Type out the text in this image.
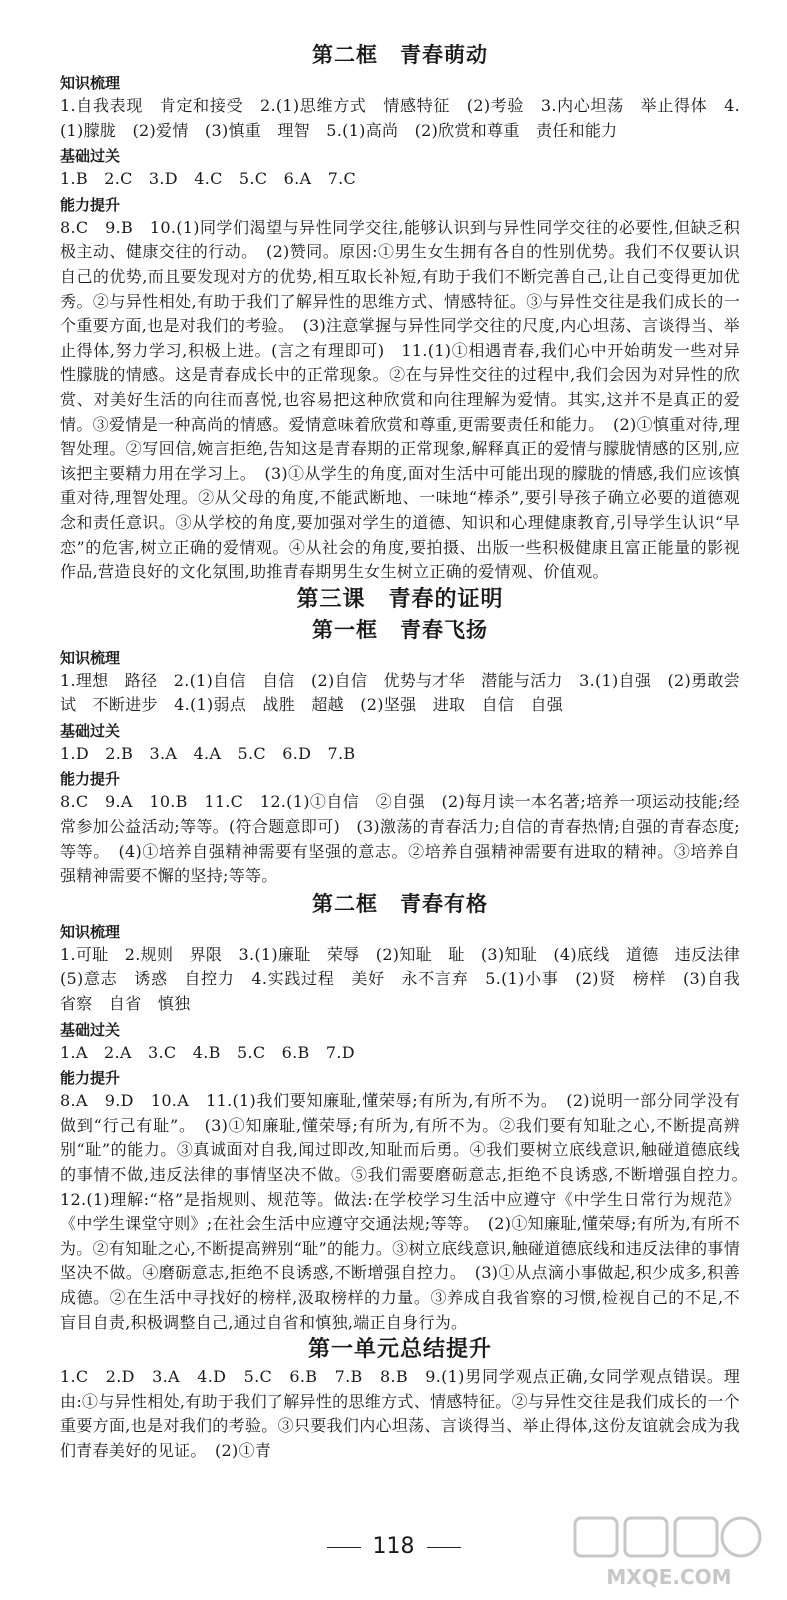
第二框　青春萌动
知识梳理

1.自我表现　肯定和接受　2.(1)思维方式　情感特征　(2)考验　3.内心坦荡　举止得体　4.(1)朦胧　(2)爱情　(3)慎重　理智　5.(1)高尚　(2)欣赏和尊重　责任和能力

基础过关

1.B　2.C　3.D　4.C　5.C　6.A　7.C

能力提升

8.C　9.B　10.(1)同学们渴望与异性同学交往,能够认识到与异性同学交往的必要性,但缺乏积极主动、健康交往的行动。　(2)赞同。原因:①男生女生拥有各自的性别优势。我们不仅要认识自己的优势,而且要发现对方的优势,相互取长补短,有助于我们不断完善自己,让自己变得更加优秀。②与异性相处,有助于我们了解异性的思维方式、情感特征。③与异性交往是我们成长的一个重要方面,也是对我们的考验。　(3)注意掌握与异性同学交往的尺度,内心坦荡、言谈得当、举止得体,努力学习,积极上进。(言之有理即可)　11.(1)①相遇青春,我们心中开始萌发一些对异性朦胧的情感。这是青春成长中的正常现象。②在与异性交往的过程中,我们会因为对异性的欣赏、对美好生活的向往而喜悦,也容易把这种欣赏和向往理解为爱情。其实,这并不是真正的爱情。③爱情是一种高尚的情感。爱情意味着欣赏和尊重,更需要责任和能力。　(2)①慎重对待,理智处理。②写回信,婉言拒绝,告知这是青春期的正常现象,解释真正的爱情与朦胧情感的区别,应该把主要精力用在学习上。　(3)①从学生的角度,面对生活中可能出现的朦胧的情感,我们应该慎重对待,理智处理。②从父母的角度,不能武断地、一味地“棒杀”,要引导孩子确立必要的道德观念和责任意识。③从学校的角度,要加强对学生的道德、知识和心理健康教育,引导学生认识“早恋”的危害,树立正确的爱情观。④从社会的角度,要拍摄、出版一些积极健康且富正能量的影视作品,营造良好的文化氛围,助推青春期男生女生树立正确的爱情观、价值观。

第三课　青春的证明
第一框　青春飞扬
知识梳理

1.理想　路径　2.(1)自信　自信　(2)自信　优势与才华　潜能与活力　3.(1)自强　(2)勇敢尝试　不断进步　4.(1)弱点　战胜　超越　(2)坚强　进取　自信　自强

基础过关

1.D　2.B　3.A　4.A　5.C　6.D　7.B

能力提升

8.C　9.A　10.B　11.C　12.(1)①自信　②自强　(2)每月读一本名著;培养一项运动技能;经常参加公益活动;等等。(符合题意即可)　(3)激荡的青春活力;自信的青春热情;自强的青春态度;等等。　(4)①培养自强精神需要有坚强的意志。②培养自强精神需要有进取的精神。③培养自强精神需要不懈的坚持;等等。

第二框　青春有格
知识梳理

1.可耻　2.规则　界限　3.(1)廉耻　荣辱　(2)知耻　耻　(3)知耻　(4)底线　道德　违反法律　(5)意志　诱惑　自控力　4.实践过程　美好　永不言弃　5.(1)小事　(2)贤　榜样　(3)自我省察　自省　慎独

基础过关

1.A　2.A　3.C　4.B　5.C　6.B　7.D

能力提升

8.A　9.D　10.A　11.(1)我们要知廉耻,懂荣辱;有所为,有所不为。　(2)说明一部分同学没有做到“行己有耻”。　(3)①知廉耻,懂荣辱;有所为,有所不为。②我们要有知耻之心,不断提高辨别“耻”的能力。③真诚面对自我,闻过即改,知耻而后勇。④我们要树立底线意识,触碰道德底线的事情不做,违反法律的事情坚决不做。⑤我们需要磨砺意志,拒绝不良诱惑,不断增强自控力。　12.(1)理解:“格”是指规则、规范等。做法:在学校学习生活中应遵守《中学生日常行为规范》《中学生课堂守则》;在社会生活中应遵守交通法规;等等。　(2)①知廉耻,懂荣辱;有所为,有所不为。②有知耻之心,不断提高辨别“耻”的能力。③树立底线意识,触碰道德底线和违反法律的事情坚决不做。④磨砺意志,拒绝不良诱惑,不断增强自控力。　(3)①从点滴小事做起,积少成多,积善成德。②在生活中寻找好的榜样,汲取榜样的力量。③养成自我省察的习惯,检视自己的不足,不盲目自责,积极调整自己,通过自省和慎独,端正自身行为。

第一单元总结提升

1.C　2.D　3.A　4.D　5.C　6.B　7.B　8.B　9.(1)男同学观点正确,女同学观点错误。理由:①与异性相处,有助于我们了解异性的思维方式、情感特征。②与异性交往是我们成长的一个重要方面,也是对我们的考验。③只要我们内心坦荡、言谈得当、举止得体,这份友谊就会成为我们青春美好的见证。　(2)①青

118
MXQE.COM
